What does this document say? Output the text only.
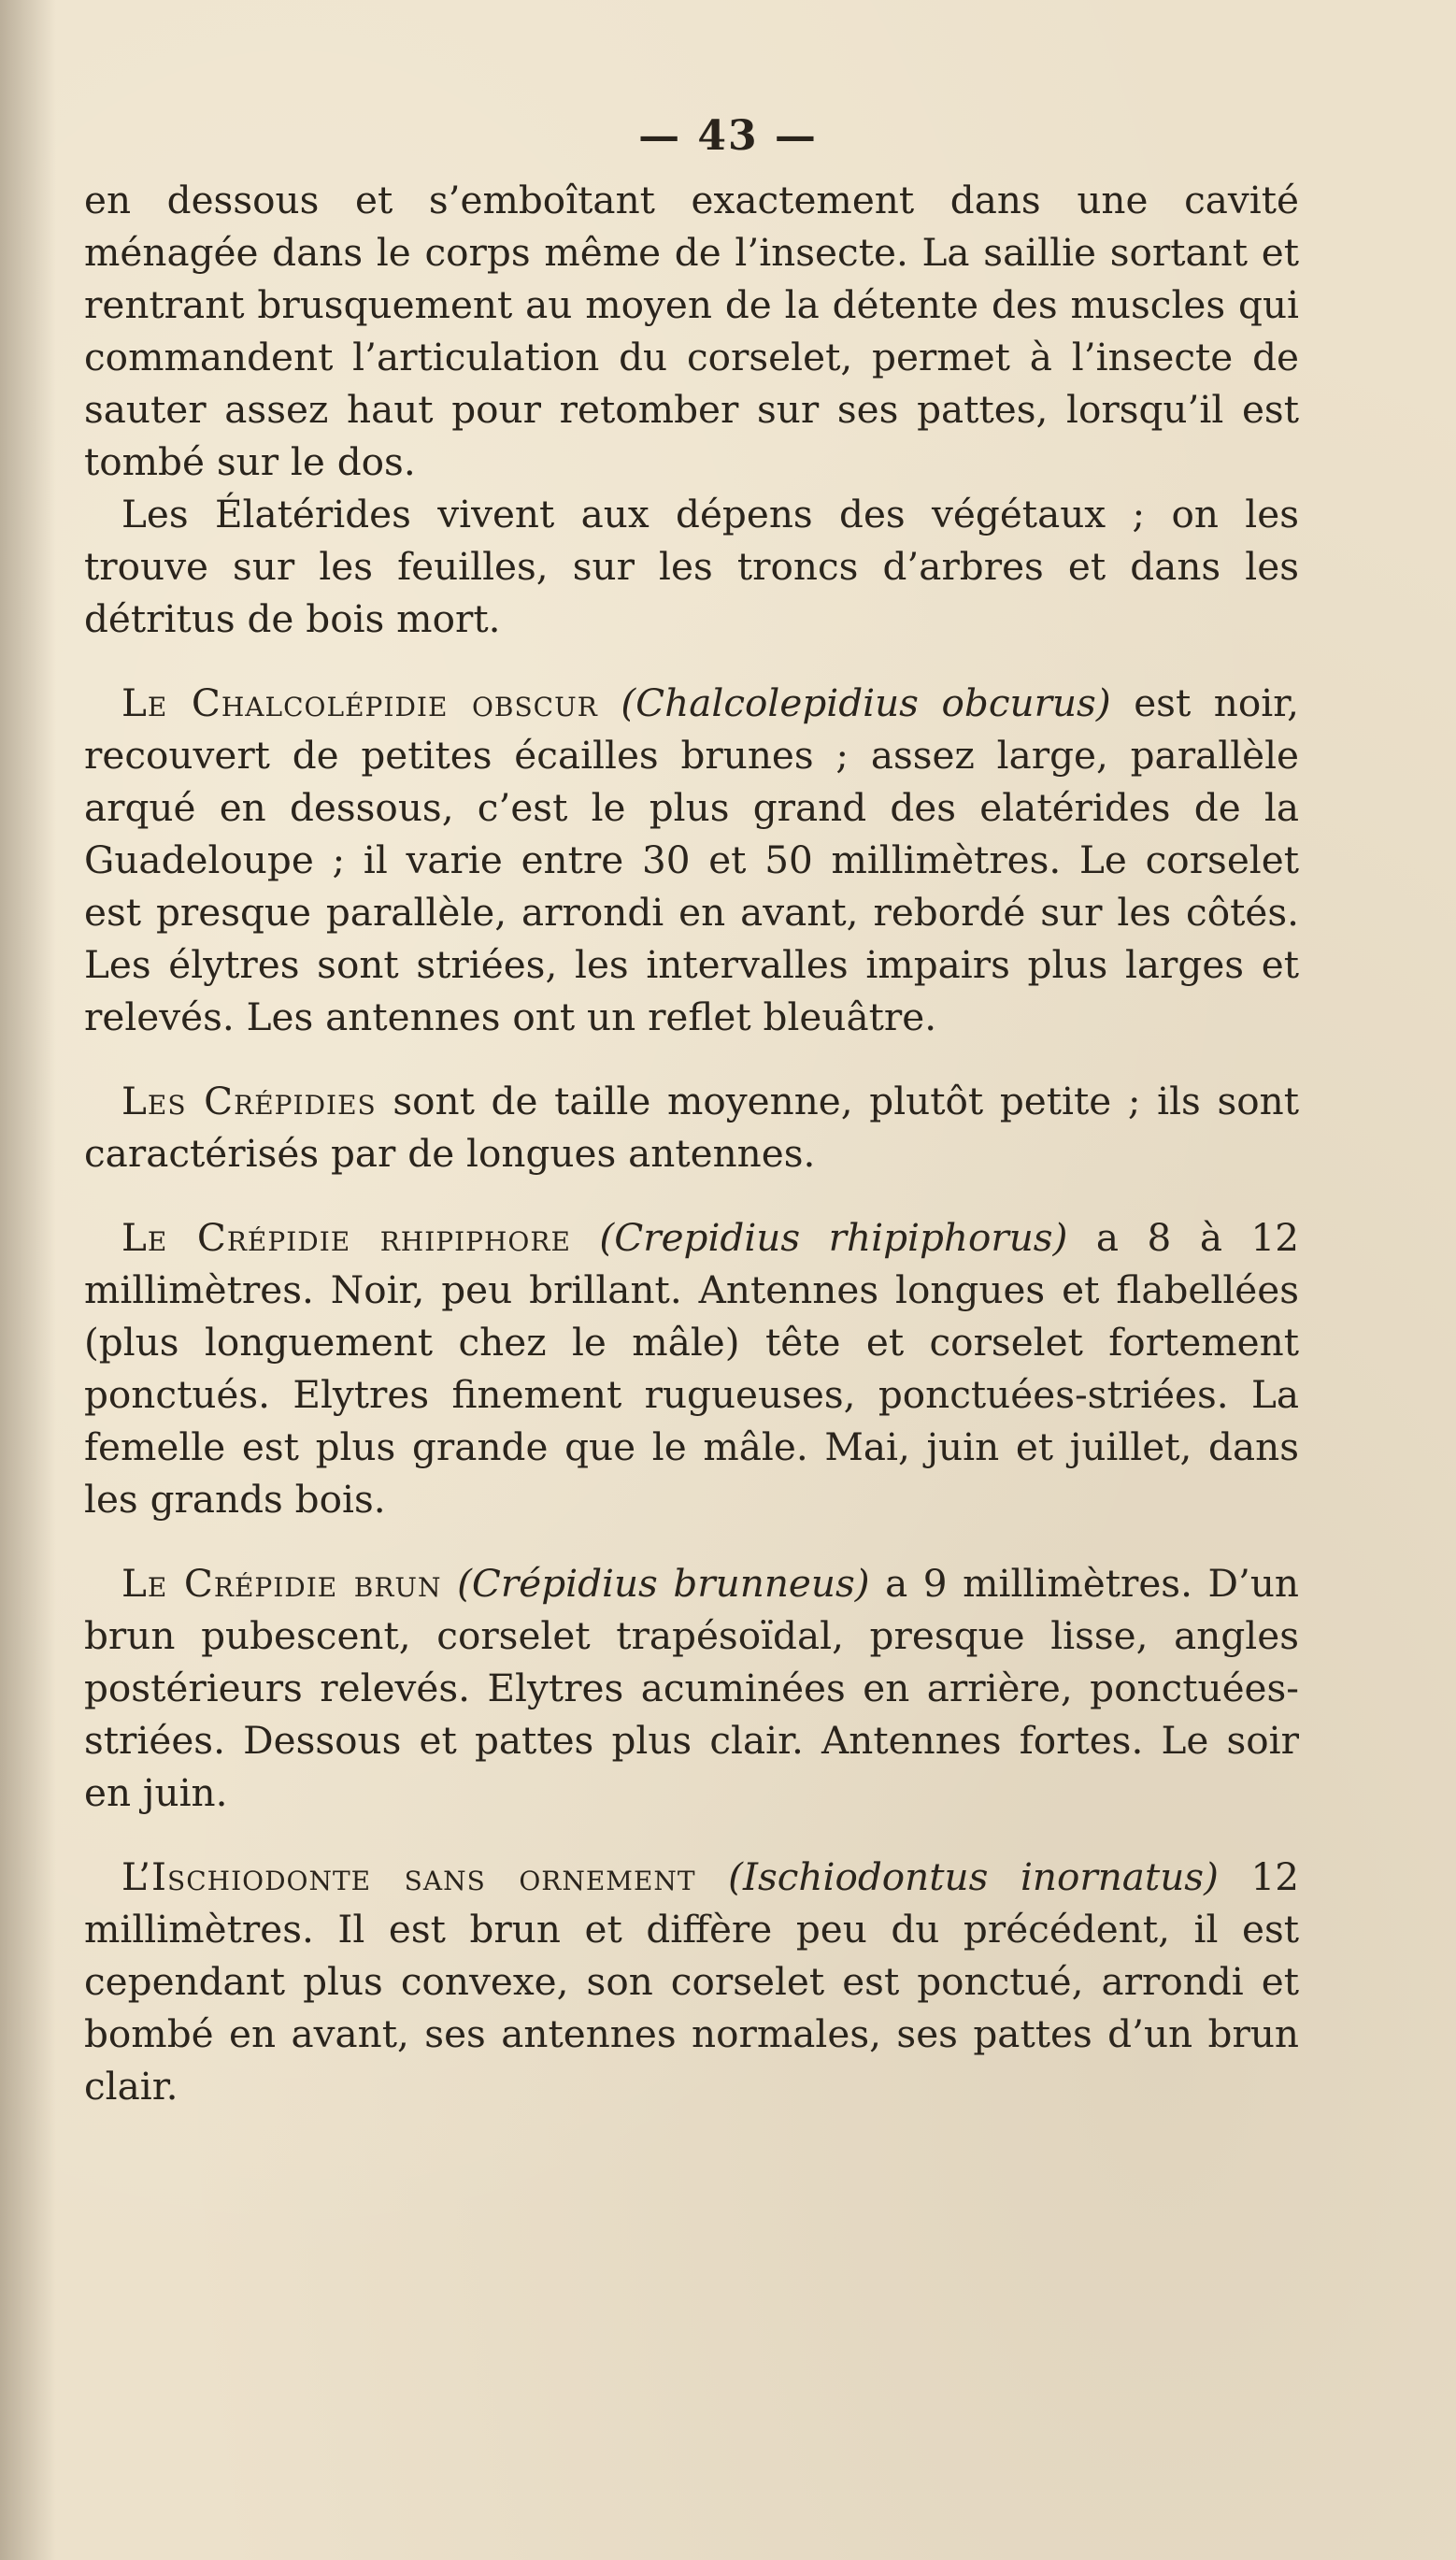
— 43 —

en dessous et s’emboîtant exactement dans une cavité ménagée dans le corps même de l’insecte. La saillie sortant et rentrant brusquement au moyen de la détente des muscles qui commandent l’articulation du corselet, permet à l’insecte de sauter assez haut pour retomber sur ses pattes, lorsqu’il est tombé sur le dos.

Les Élatérides vivent aux dépens des végétaux ; on les trouve sur les feuilles, sur les troncs d’arbres et dans les détritus de bois mort.

Le Chalcolépidie obscur (Chalcolepidius obcurus) est noir, recouvert de petites écailles brunes ; assez large, parallèle arqué en dessous, c’est le plus grand des elatérides de la Guadeloupe ; il varie entre 30 et 50 millimètres. Le corselet est presque parallèle, arrondi en avant, rebordé sur les côtés. Les élytres sont striées, les intervalles impairs plus larges et relevés. Les antennes ont un reflet bleuâtre.

Les Crépidies sont de taille moyenne, plutôt petite ; ils sont caractérisés par de longues antennes.

Le Crépidie rhipiphore (Crepidius rhipiphorus) a 8 à 12 millimètres. Noir, peu brillant. Antennes longues et flabellées (plus longuement chez le mâle) tête et corselet fortement ponctués. Elytres finement rugueuses, ponctuées-striées. La femelle est plus grande que le mâle. Mai, juin et juillet, dans les grands bois.

Le Crépidie brun (Crépidius brunneus) a 9 millimètres. D’un brun pubescent, corselet trapésoïdal, presque lisse, angles postérieurs relevés. Elytres acuminées en arrière, ponctuées-striées. Dessous et pattes plus clair. Antennes fortes. Le soir en juin.

L’Ischiodonte sans ornement (Ischiodontus inornatus) 12 millimètres. Il est brun et diffère peu du précédent, il est cependant plus convexe, son corselet est ponctué, arrondi et bombé en avant, ses antennes normales, ses pattes d’un brun clair.
